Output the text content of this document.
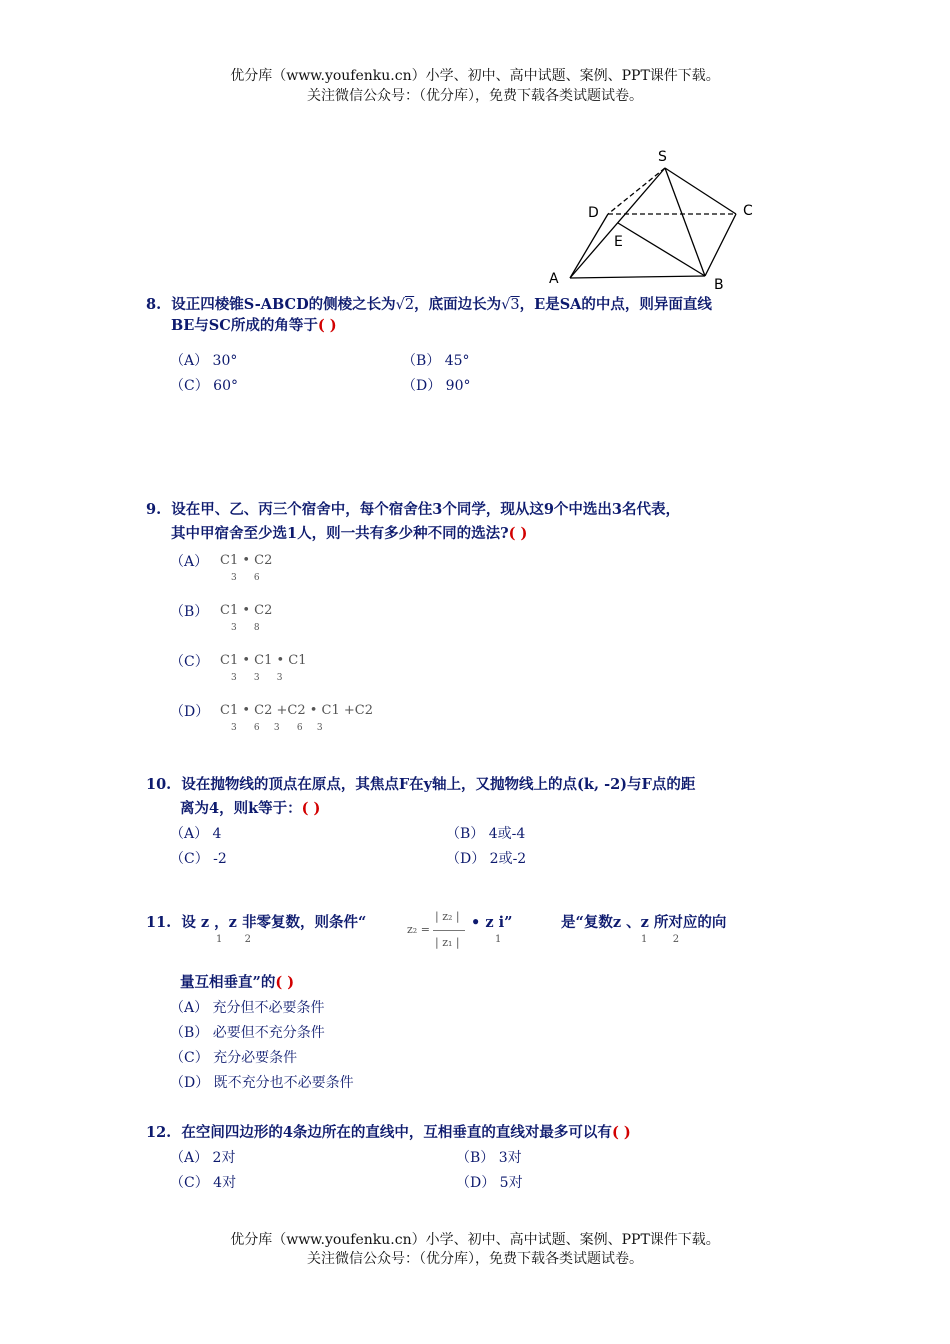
优分库（www.youfenku.cn）小学、初中、高中试题、案例、PPT课件下载。
关注微信公众号：（优分库），免费下载各类试题试卷。
S
D	C
E
A	B
8. 设正四棱锥S-ABCD的侧棱之长为√2，底面边长为√3，E是SA的中点，则异面直线
BE与SC所成的角等于( )
（A） 30°	（B） 45°
（C） 60°	（D） 90°
9. 设在甲、乙、丙三个宿舍中，每个宿舍住3个同学，现从这9个中选出3名代表，
其中甲宿舍至少选1人，则一共有多少种不同的选法?( )
（A） C1 • C2
3      6
（B） C1 • C2
3      8
（C） C1 • C1 • C1
3      3      3
（D） C1 • C2 +C2 • C1 +C2
3      6     3      6     3
10. 设在抛物线的顶点在原点，其焦点F在y轴上，又抛物线上的点(k, -2)与F点的距
离为4，则k等于：( )
（A） 4	（B） 4或-4
（C） -2	（D） 2或-2
11. 设 z ，z 非零复数，则条件“
1       2
z₂ =
| z₂ |
| z₁ |
• z i”
1
是“复数z 、z 所对应的向
1        2
量互相垂直”的( )
（A） 充分但不必要条件
（B） 必要但不充分条件
（C） 充分必要条件
（D） 既不充分也不必要条件
12. 在空间四边形的4条边所在的直线中，互相垂直的直线对最多可以有( )
（A） 2对	（B） 3对
（C） 4对	（D） 5对
优分库（www.youfenku.cn）小学、初中、高中试题、案例、PPT课件下载。
关注微信公众号：（优分库），免费下载各类试题试卷。
